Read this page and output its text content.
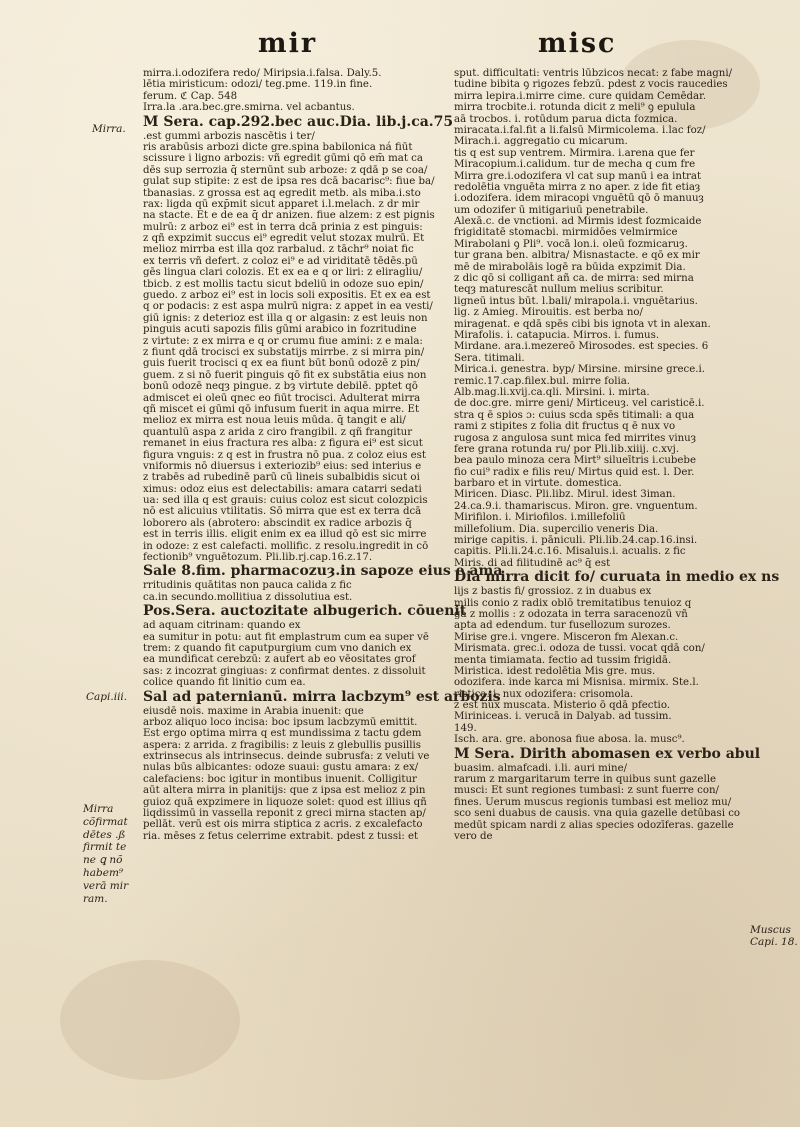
mir	misc
Mirra.
Capi.iii.
Mirra
cõfirmat
dētes .ß
firmit te
ne ꝗ nõ
habem⁹
verā mir
ram.
Muscus
Capi. 18.
mirra.i.odozifera redo/ Miripsia.i.falsa. Daly.5.
lētia miristicum: odozi/ teg.pme. 119.in fine.
ferum. ℭ Cap. 548
Irra.la .ara.bec.gre.smirna. vel acbantus.
M Sera. cap.292.bec auc.Dia. lib.j.ca.75
.est gummi arbozis nascētis i ter/
ris arabūsis arbozi dicte gre.spina babilonica ná fiūt
scissure i ligno arbozis: vñ egredit gūmi qō em̄ mat ca
dēs sup serrozia q̄ sternūnt sub arboze: z qdā p se coa/
gulat sup stipite: z est de ipsa res dcā bacarisc⁹: fiue ba/
tbanasias. z grossa est aq egredit metb. als miba.i.sto
rax: ligda qū exp̄mit sicut apparet i.l.melach. z dr mir
na stacte. Et e de ea q̄ dr anizen. fiue alzem: z est pignis
mulrū: z arboz ei⁹ est in terra dcā prinia z est pinguis:
z qñ expzimit succus ei⁹ egredit velut stozax mulrū. Et
melioz mirrba est illa qoz rarbalud. z tāchr⁹ noiat fic
ex terris vñ defert. z coloz ei⁹ e ad viriditatē tēdēs.pū
gēs lingua clari colozis. Et ex ea e q or liri: z eliragliu/
tbicb. z est mollis tactu sicut bdeliū in odoze suo epin/
guedo. z arboz ei⁹ est in locis soli expositis. Et ex ea est
q or podacis: z est aspa mulrū nigra: z appet in ea vesti/
giū ignis: z deterioz est illa q or algasin: z est leuis non
pinguis acuti sapozis filis gūmi arabico in fozritudine
z virtute: z ex mirra e q or crumu fiue amini: z e mala:
z fiunt qdā trocisci ex substatijs mirrbe. z si mirra pin/
guis fuerit trocisci q ex ea fiunt būt bonū odozē z pin/
guem. z si nō fuerit pinguis qō fit ex substātia eius non
bonū odozē neqȝ pingue. z bȝ virtute debilē. pptet qō
admiscet ei oleū qnec eo fiūt trocisci. Adulterat mirra
qñ miscet ei gūmi qō infusum fuerit in aqua mirre. Et
melioz ex mirra est noua leuis mūda. q̄ tangit e ali/
quantulū aspa z arida z ciro frangibil. z qñ frangitur
remanet in eius fractura res alba: z figura ei⁹ est sicut
figura vnguis: z q est in frustra nō pua. z coloz eius est
vniformis nō diuersus i exteriozib⁹ eius: sed interius e
z trabēs ad rubedinē parū cū lineis subalbidis sicut oi
ximus: odoz eius est delectabilis: amara catarri sedati
ua: sed illa q est grauis: cuius coloz est sicut colozpicis
nō est alicuius vtilitatis. Sō mirra que est ex terra dcā
loborero als (abrotero: abscindit ex radice arbozis q̄
est in terris illis. eligit enim ex ea illud qō est sic mirre
in odoze: z est calefacti. mollific. z resolu.ingredit in cō
fectionib⁹ vnguētozum. Pli.lib.rj.cap.16.z.17.
Sale 8.fim. pharmacozuȝ.in sapoze eius e ama
rritudinis quātitas non pauca calida z fic
ca.in secundo.mollitiua z dissolutiua est.
Pos.Sera. auctozitate albugerich. cōuenit
ad aquam citrinam: quando ex
ea sumitur in potu: aut fit emplastrum cum ea super vē
trem: z quando fit caputpurgium cum vno danich ex
ea mundificat cerebzū: z aufert ab eo vēositates grof
sas: z incozrat gingiuas: z confirmat dentes. z dissoluit
colice quando fit linitio cum ea.
Sal ad paternianū. mirra lacbzym⁹ est arbozis
eiusdē nois. maxime in Arabia inuenit: que
arboz aliquo loco incisa: boc ipsum lacbzymū emittit.
Est ergo optima mirra q est mundissima z tactu gdem
aspera: z arrida. z fragibilis: z leuis z glebullis pusillis
extrinsecus als intrinsecus. deinde subrusfa: z veluti ve
nulas būs albicantes: odoze suaui: gustu amara: z ex/
calefaciens: boc igitur in montibus inuenit. Colligitur
aūt altera mirra in planitijs: que z ipsa est melioz z pin
guioz quā expzimere in liquoze solet: quod est illius qñ
liqdissimū in vassella reponit z greci mirna stacten ap/
pellāt. verū est ois mirra stiptica z acris. z excalefacto
ria. mēses z fetus celerrime extrabit. pdest z tussi: et
sput. difficultati: ventris lūbzicos necat: z fabe magni/
tudine bibita ꝯ rigozes febzū. pdest z vocis raucedies
mirra lepira.i.mirre cime. cure quidam Cemēdar.
mirra trocbite.i. rotunda dicit z meli⁹ ꝯ epulula
aā trocbos. i. rotūdum parua dicta fozmica.
miracata.i.fal.fit a li.falsū Mirmicolema. i.lac foz/
Mirach.i. aggregatio cu micarum.
tis q est sup ventrem. Mirmira. i.arena que fer
Miracopium.i.calidum. tur de mecha q cum fre
Mirra gre.i.odozifera vl cat sup manū i ea intrat
redolētia vnguēta mirra z no aper. z ide fit etiaȝ
i.odozifera. idem miracopi vnguētū qō ō manuuȝ
um odozifer ū mitigariuū penetrabile.
Alexā.c. de vnctioni. ad Mirmis idest fozmicaide
frigiditatē stomacbi. mirmidōes velmirmice
Mirabolani ꝯ Pli⁹. vocā lon.i. oleū fozmicaruȝ.
tur grana ben. albitra/ Misnastacte. e qō ex mir
mē de mirabolāis logē ra būida expzimit Dia.
z dic qō si colligant añ ca. de mirra: sed mirna
teqȝ maturescāt nullum melius scribitur.
ligneū intus būt. l.bali/ mirapola.i. vnguētarius.
lig. z Amieg. Mirouitis. est berba no/
miragenat. e qdā spēs cibi bis ignota vt in alexan.
Mirafolis. i. catapucia. Mirros. i. fumus.
Mirdane. ara.i.mezereō Mirosodes. est species. 6
Sera. titimali.
Mirica.i. genestra. byp/ Mirsine. mirsine grece.i.
remic.17.cap.filex.bul. mirre folia.
Alb.mag.li.xvij.ca.qli. Mirsini. i. mirta.
de doc.gre. mirre geni/ Mirticeuȝ. vel caristicē.i.
stra q ē spios ɔ: cuius scda spēs titimali: a qua
rami z stipites z folia dit fructus q ē nux vo
rugosa z angulosa sunt mica fed mirrites vinuȝ
fere grana rotunda ru/ por Pli.lib.xiiij. c.xvj.
bea paulo minoza cera Mirt⁹ silueītris i.cubebe
fio cui⁹ radix e filis reu/ Mirtus quid est. l. Der.
barbaro et in virtute. domestica.
Miricen. Diasc. Pli.libz. Mirul. idest 3iman.
24.ca.9.i. thamariscus. Miron. gre. vnguentum.
Mirifilon. i. Miriofilos. i.millefoliū
millefolium. Dia. supercilio veneris Dia.
mirige capitis. i. pāniculi. Pli.lib.24.cap.16.insi.
capitis. Pli.li.24.c.16. Misaluis.i. acualis. z fic
Miris. di ad filitudinē ac⁹ q̄ est
Dia mirra dicit fo/ curuata in medio ex ns
lijs z bastis fi/ grossioz. z in duabus ex
milis conio z radix oblō tremitatibus tenuioz q
ga z mollis : z odozata in terra saracenozū vñ
apta ad edendum. tur fusellozum surozes.
Mirise gre.i. vngere. Misceron fm Alexan.c.
Mirismata. grec.i. odoza de tussi. vocat qdā con/
menta timiamata. fectio ad tussim frigidā.
Miristica. idest redolētia Mis gre. mus.
odozifera. inde karca mi Misnisa. mirmix. Ste.l.
ristica. i. nux odozifera: crisomola.
z est nux muscata. Misterio ō qdā pfectio.
Miriniceas. i. verucā in Dalyab. ad tussim.
149.
Isch. ara. gre. abonosa fiue abosa. la. musc⁹.
M Sera. Dirith abomasen ex verbo abul
buasim. almafcadi. i.li. auri mine/
rarum z margaritarum terre in quibus sunt gazelle
musci: Et sunt regiones tumbasi: z sunt fuerre con/
fines. Uerum muscus regionis tumbasi est melioz mu/
sco seni duabus de causis. vna quia gazelle detūbasi co
medūt spicam nardi z alias species odozīferas. gazelle
vero de
